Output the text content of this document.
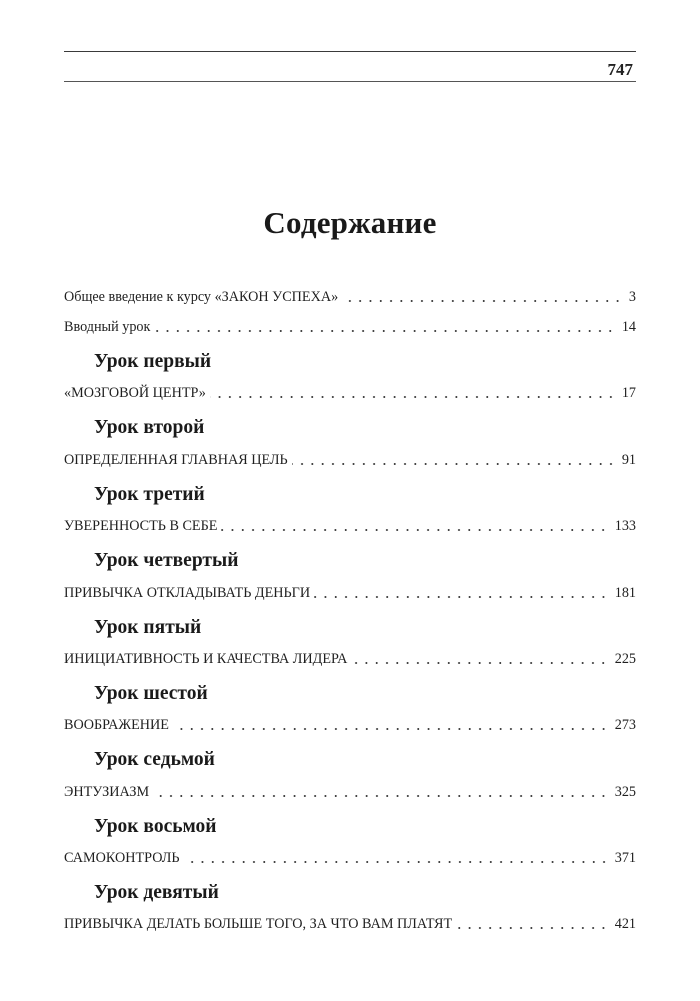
747
Содержание
Общее введение к курсу «ЗАКОН УСПЕХА»	3
Вводный урок	14
Урок первый
«МОЗГОВОЙ ЦЕНТР»	17
Урок второй
ОПРЕДЕЛЕННАЯ ГЛАВНАЯ ЦЕЛЬ	91
Урок третий
УВЕРЕННОСТЬ В СЕБЕ	133
Урок четвертый
ПРИВЫЧКА ОТКЛАДЫВАТЬ ДЕНЬГИ	181
Урок пятый
ИНИЦИАТИВНОСТЬ И КАЧЕСТВА ЛИДЕРА	225
Урок шестой
ВООБРАЖЕНИЕ	273
Урок седьмой
ЭНТУЗИАЗМ	325
Урок восьмой
САМОКОНТРОЛЬ	371
Урок девятый
ПРИВЫЧКА ДЕЛАТЬ БОЛЬШЕ ТОГО, ЗА ЧТО ВАМ ПЛАТЯТ	421
